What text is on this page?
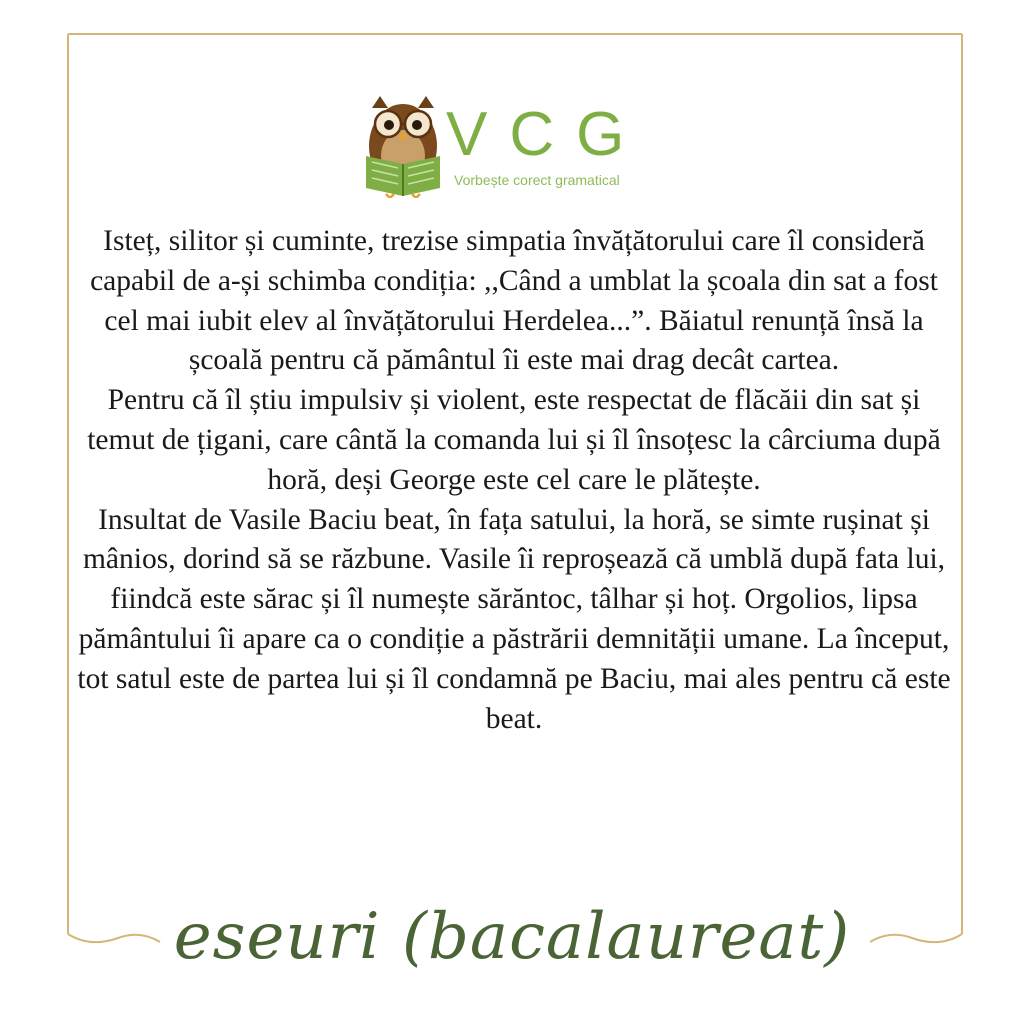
VCG
Vorbește corect gramatical

Isteț, silitor și cuminte, trezise simpatia învățătorului care îl consideră capabil de a-și schimba condiția: ,,Când a umblat la școala din sat a fost cel mai iubit elev al învățătorului Herdelea...”. Băiatul renunță însă la școală pentru că pământul îi este mai drag decât cartea.

Pentru că îl știu impulsiv și violent, este respectat de flăcăii din sat și temut de țigani, care cântă la comanda lui și îl însoțesc la cârciuma după horă, deși George este cel care le plătește.

Insultat de Vasile Baciu beat, în fața satului, la horă, se simte rușinat și mânios, dorind să se răzbune. Vasile îi reproșează că umblă după fata lui, fiindcă este sărac și îl numește sărăntoc, tâlhar și hoț. Orgolios, lipsa pământului îi apare ca o condiție a păstrării demnității umane. La început, tot satul este de partea lui și îl condamnă pe Baciu, mai ales pentru că este beat.

eseuri (bacalaureat)
